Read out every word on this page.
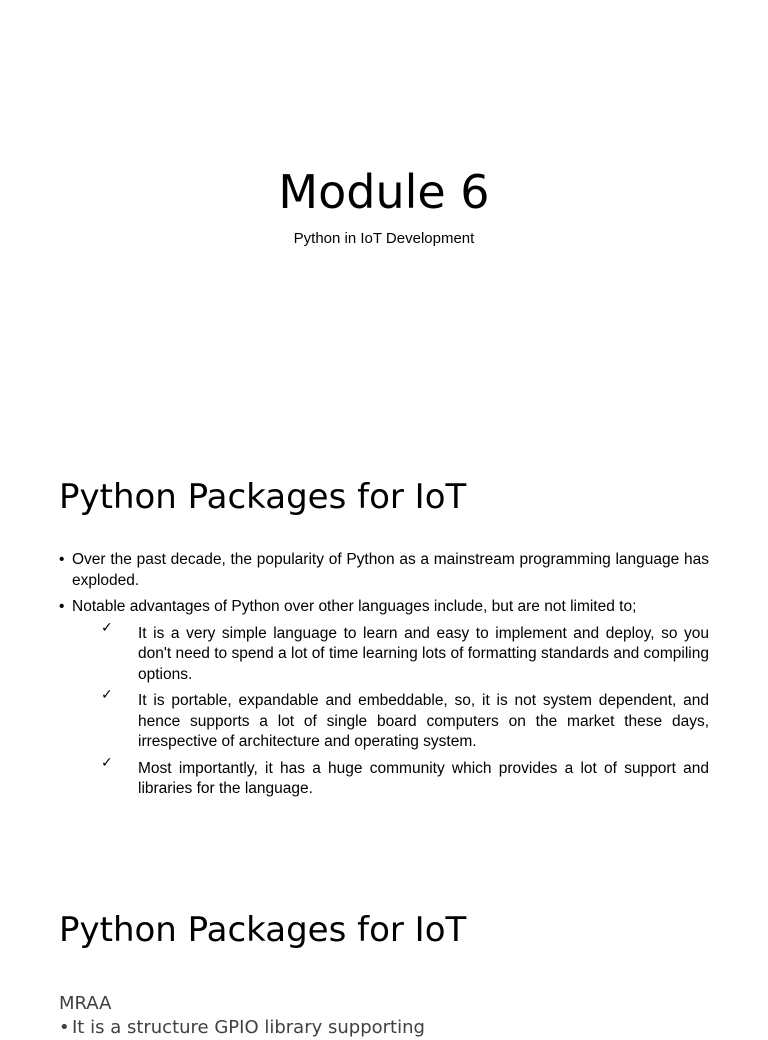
Module 6

Python in IoT Development

Python Packages for IoT
• Over the past decade, the popularity of Python as a mainstream programming language has exploded.
• Notable advantages of Python over other languages include, but are not limited to;
✓ It is a very simple language to learn and easy to implement and deploy, so you don't need to spend a lot of time learning lots of formatting standards and compiling options.
✓ It is portable, expandable and embeddable, so, it is not system dependent, and hence supports a lot of single board computers on the market these days, irrespective of architecture and operating system.
✓ Most importantly, it has a huge community which provides a lot of support and libraries for the language.
Python Packages for IoT

MRAA

• It is a structure GPIO library supporting
